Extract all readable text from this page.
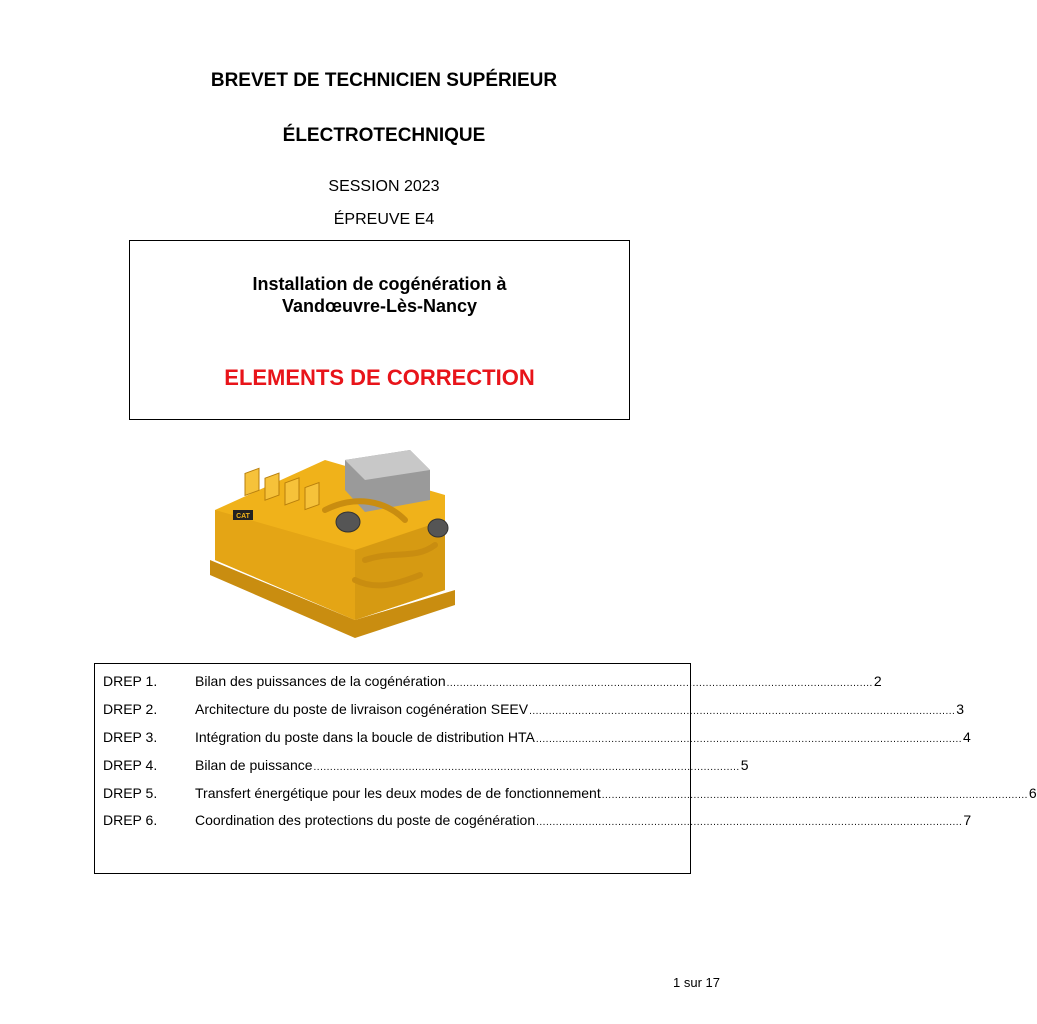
BREVET DE TECHNICIEN SUPÉRIEUR
ÉLECTROTECHNIQUE
SESSION 2023
ÉPREUVE E4
Installation de cogénération à
Vandœuvre-Lès-Nancy
ELEMENTS DE CORRECTION
CAT
DREP 1.	Bilan des puissances de la cogénération .................................................................................................................................. 2
DREP 2.	Architecture du poste de livraison cogénération SEEV .................................................................................................................................. 3
DREP 3.	Intégration du poste dans la boucle de distribution HTA .................................................................................................................................. 4
DREP 4.	Bilan de puissance .................................................................................................................................. 5
DREP 5.	Transfert énergétique pour les deux modes de de fonctionnement .................................................................................................................................. 6
DREP 6.	Coordination des protections du poste de cogénération .................................................................................................................................. 7
1 sur 17
